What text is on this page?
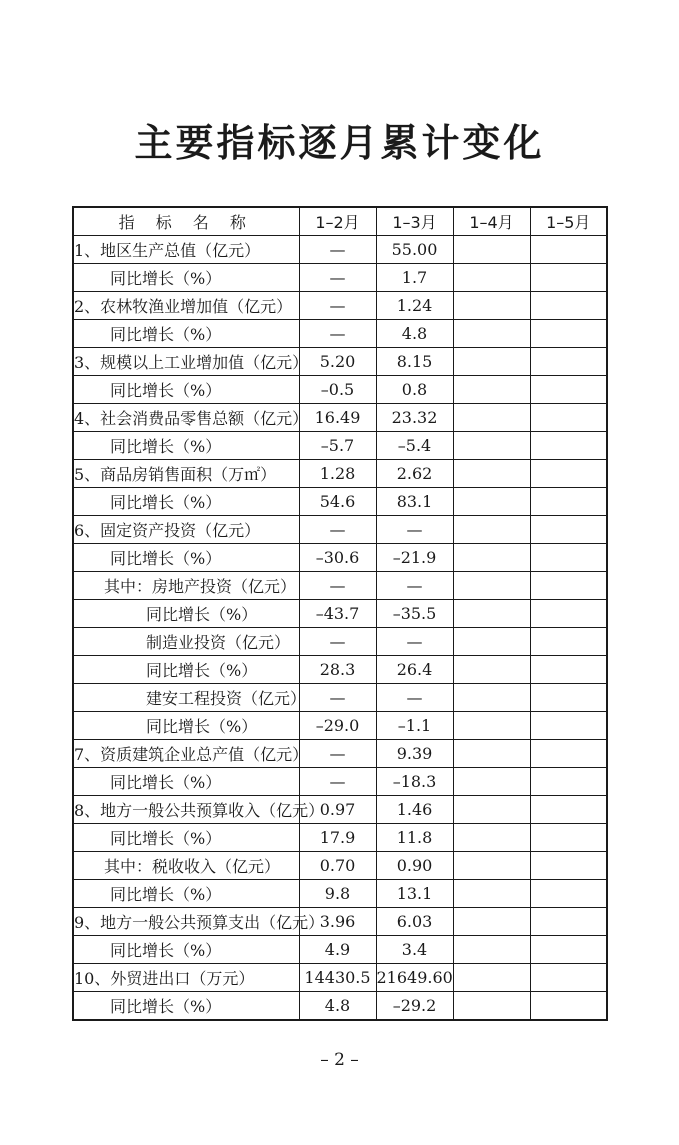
主要指标逐月累计变化
指 标 名 称	1–2月	1–3月	1–4月	1–5月
1、地区生产总值（亿元）	—	55.00		
同比增长（%）	—	1.7		
2、农林牧渔业增加值（亿元）	—	1.24		
同比增长（%）	—	4.8		
3、规模以上工业增加值（亿元）	5.20	8.15		
同比增长（%）	–0.5	0.8		
4、社会消费品零售总额（亿元）	16.49	23.32		
同比增长（%）	–5.7	–5.4		
5、商品房销售面积（万㎡）	1.28	2.62		
同比增长（%）	54.6	83.1		
6、固定资产投资（亿元）	—	—		
同比增长（%）	–30.6	–21.9		
其中：房地产投资（亿元）	—	—		
同比增长（%）	–43.7	–35.5		
制造业投资（亿元）	—	—		
同比增长（%）	28.3	26.4		
建安工程投资（亿元）	—	—		
同比增长（%）	–29.0	–1.1		
7、资质建筑企业总产值（亿元）	—	9.39		
同比增长（%）	—	–18.3		
8、地方一般公共预算收入（亿元）	0.97	1.46		
同比增长（%）	17.9	11.8		
其中：税收收入（亿元）	0.70	0.90		
同比增长（%）	9.8	13.1		
9、地方一般公共预算支出（亿元）	3.96	6.03		
同比增长（%）	4.9	3.4		
10、外贸进出口（万元）	14430.5	21649.60		
同比增长（%）	4.8	–29.2		
– 2 –
